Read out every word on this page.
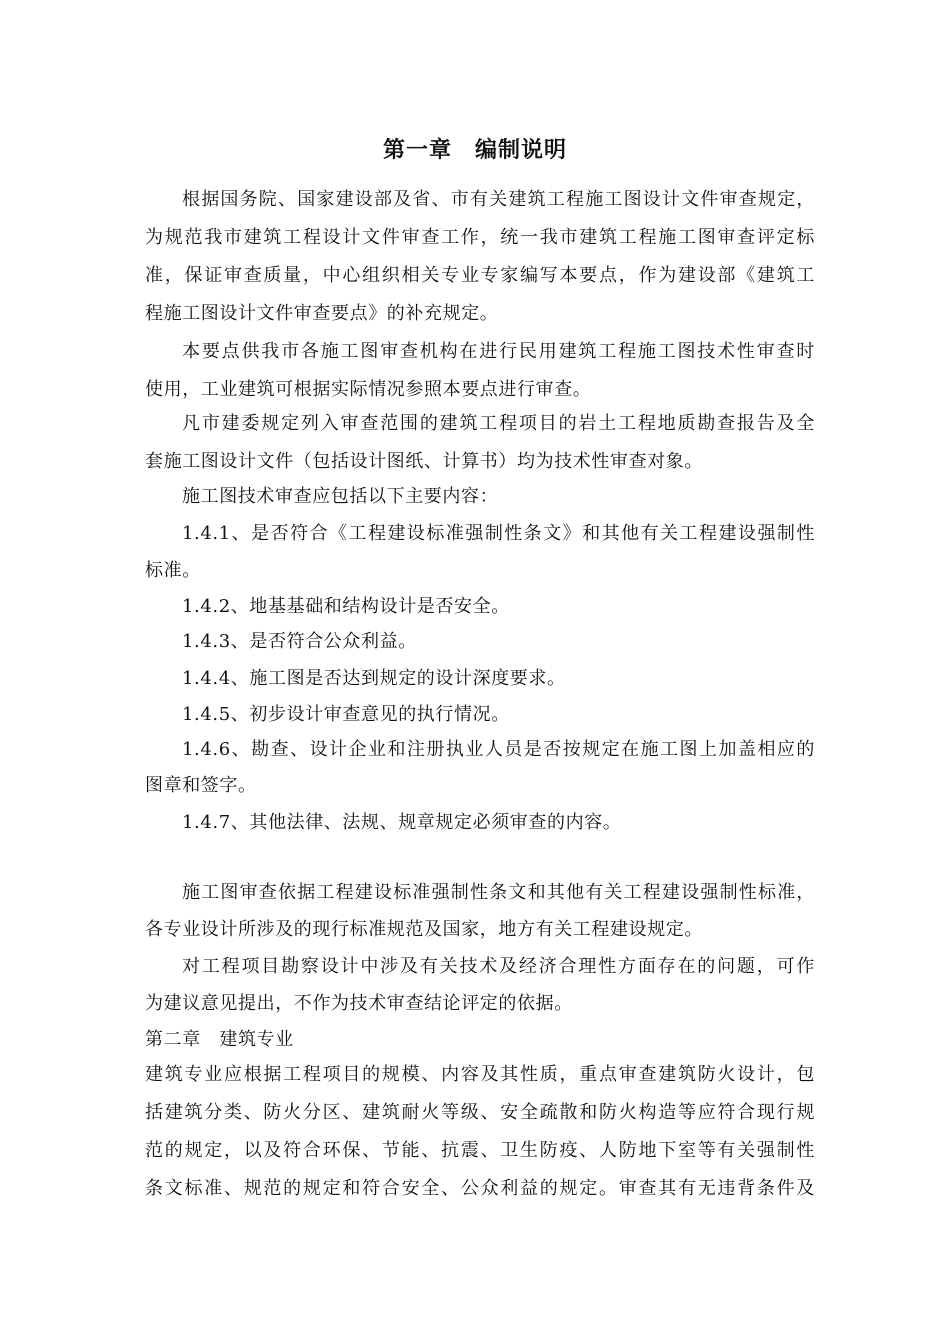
第一章　编制说明
根据国务院、国家建设部及省、市有关建筑工程施工图设计文件审查规定，
为规范我市建筑工程设计文件审查工作，统一我市建筑工程施工图审查评定标
准，保证审查质量，中心组织相关专业专家编写本要点，作为建设部《建筑工
程施工图设计文件审查要点》的补充规定。
本要点供我市各施工图审查机构在进行民用建筑工程施工图技术性审查时
使用，工业建筑可根据实际情况参照本要点进行审查。
凡市建委规定列入审查范围的建筑工程项目的岩土工程地质勘查报告及全
套施工图设计文件（包括设计图纸、计算书）均为技术性审查对象。
施工图技术审查应包括以下主要内容：
1.4.1、是否符合《工程建设标准强制性条文》和其他有关工程建设强制性
标准。
1.4.2、地基基础和结构设计是否安全。
1.4.3、是否符合公众利益。
1.4.4、施工图是否达到规定的设计深度要求。
1.4.5、初步设计审查意见的执行情况。
1.4.6、勘查、设计企业和注册执业人员是否按规定在施工图上加盖相应的
图章和签字。
1.4.7、其他法律、法规、规章规定必须审查的内容。
施工图审查依据工程建设标准强制性条文和其他有关工程建设强制性标准，
各专业设计所涉及的现行标准规范及国家，地方有关工程建设规定。
对工程项目勘察设计中涉及有关技术及经济合理性方面存在的问题，可作
为建议意见提出，不作为技术审查结论评定的依据。
第二章　建筑专业
建筑专业应根据工程项目的规模、内容及其性质，重点审查建筑防火设计，包
括建筑分类、防火分区、建筑耐火等级、安全疏散和防火构造等应符合现行规
范的规定，以及符合环保、节能、抗震、卫生防疫、人防地下室等有关强制性
条文标准、规范的规定和符合安全、公众利益的规定。审查其有无违背条件及
